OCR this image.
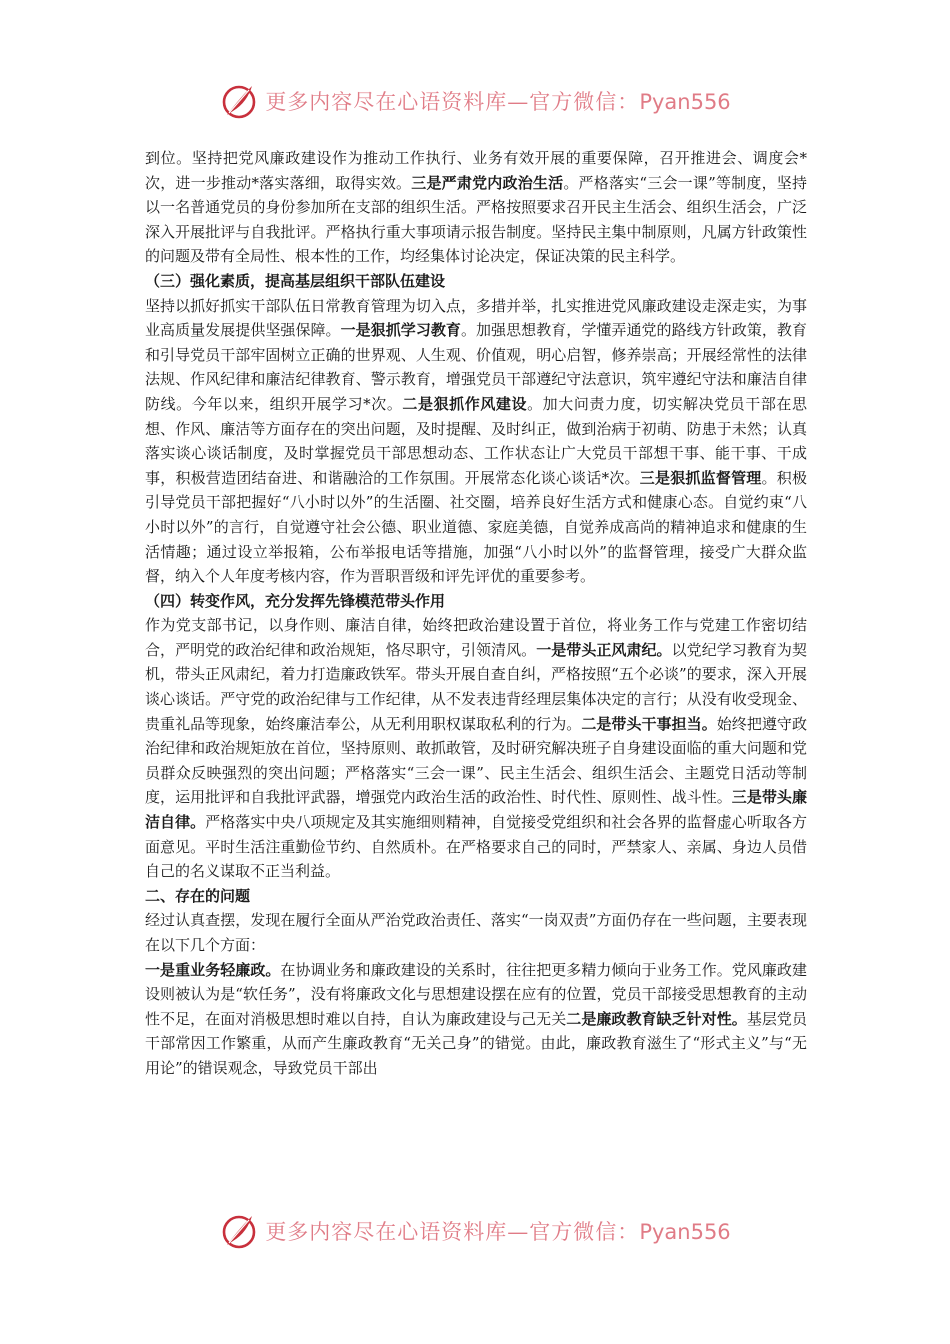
更多内容尽在心语资料库—官方微信：Pyan556

到位。坚持把党风廉政建设作为推动工作执行、业务有效开展的重要保障，召开推进会、调度会*次，进一步推动*落实落细，取得实效。三是严肃党内政治生活。严格落实“三会一课”等制度，坚持以一名普通党员的身份参加所在支部的组织生活。严格按照要求召开民主生活会、组织生活会，广泛深入开展批评与自我批评。严格执行重大事项请示报告制度。坚持民主集中制原则，凡属方针政策性的问题及带有全局性、根本性的工作，均经集体讨论决定，保证决策的民主科学。

（三）强化素质，提高基层组织干部队伍建设

坚持以抓好抓实干部队伍日常教育管理为切入点，多措并举，扎实推进党风廉政建设走深走实，为事业高质量发展提供坚强保障。一是狠抓学习教育。加强思想教育，学懂弄通党的路线方针政策，教育和引导党员干部牢固树立正确的世界观、人生观、价值观，明心启智，修养崇高；开展经常性的法律法规、作风纪律和廉洁纪律教育、警示教育，增强党员干部遵纪守法意识，筑牢遵纪守法和廉洁自律防线。今年以来，组织开展学习*次。二是狠抓作风建设。加大问责力度，切实解决党员干部在思想、作风、廉洁等方面存在的突出问题，及时提醒、及时纠正，做到治病于初萌、防患于未然；认真落实谈心谈话制度，及时掌握党员干部思想动态、工作状态让广大党员干部想干事、能干事、干成事，积极营造团结奋进、和谐融洽的工作氛围。开展常态化谈心谈话*次。三是狠抓监督管理。积极引导党员干部把握好“八小时以外”的生活圈、社交圈，培养良好生活方式和健康心态。自觉约束“八小时以外”的言行，自觉遵守社会公德、职业道德、家庭美德，自觉养成高尚的精神追求和健康的生活情趣；通过设立举报箱，公布举报电话等措施，加强“八小时以外”的监督管理，接受广大群众监督，纳入个人年度考核内容，作为晋职晋级和评先评优的重要参考。

（四）转变作风，充分发挥先锋模范带头作用

作为党支部书记，以身作则、廉洁自律，始终把政治建设置于首位，将业务工作与党建工作密切结合，严明党的政治纪律和政治规矩，恪尽职守，引领清风。一是带头正风肃纪。以党纪学习教育为契机，带头正风肃纪，着力打造廉政铁军。带头开展自查自纠，严格按照“五个必谈”的要求，深入开展谈心谈话。严守党的政治纪律与工作纪律，从不发表违背经理层集体决定的言行；从没有收受现金、贵重礼品等现象，始终廉洁奉公，从无利用职权谋取私利的行为。二是带头干事担当。始终把遵守政治纪律和政治规矩放在首位，坚持原则、敢抓敢管，及时研究解决班子自身建设面临的重大问题和党员群众反映强烈的突出问题；严格落实“三会一课”、民主生活会、组织生活会、主题党日活动等制度，运用批评和自我批评武器，增强党内政治生活的政治性、时代性、原则性、战斗性。三是带头廉洁自律。严格落实中央八项规定及其实施细则精神，自觉接受党组织和社会各界的监督虚心听取各方面意见。平时生活注重勤俭节约、自然质朴。在严格要求自己的同时，严禁家人、亲属、身边人员借自己的名义谋取不正当利益。

二、存在的问题

经过认真查摆，发现在履行全面从严治党政治责任、落实“一岗双责”方面仍存在一些问题，主要表现在以下几个方面：

一是重业务轻廉政。在协调业务和廉政建设的关系时，往往把更多精力倾向于业务工作。党风廉政建设则被认为是“软任务”，没有将廉政文化与思想建设摆在应有的位置，党员干部接受思想教育的主动性不足，在面对消极思想时难以自持，自认为廉政建设与己无关二是廉政教育缺乏针对性。基层党员干部常因工作繁重，从而产生廉政教育“无关己身”的错觉。由此，廉政教育滋生了“形式主义”与“无用论”的错误观念，导致党员干部出

更多内容尽在心语资料库—官方微信：Pyan556
